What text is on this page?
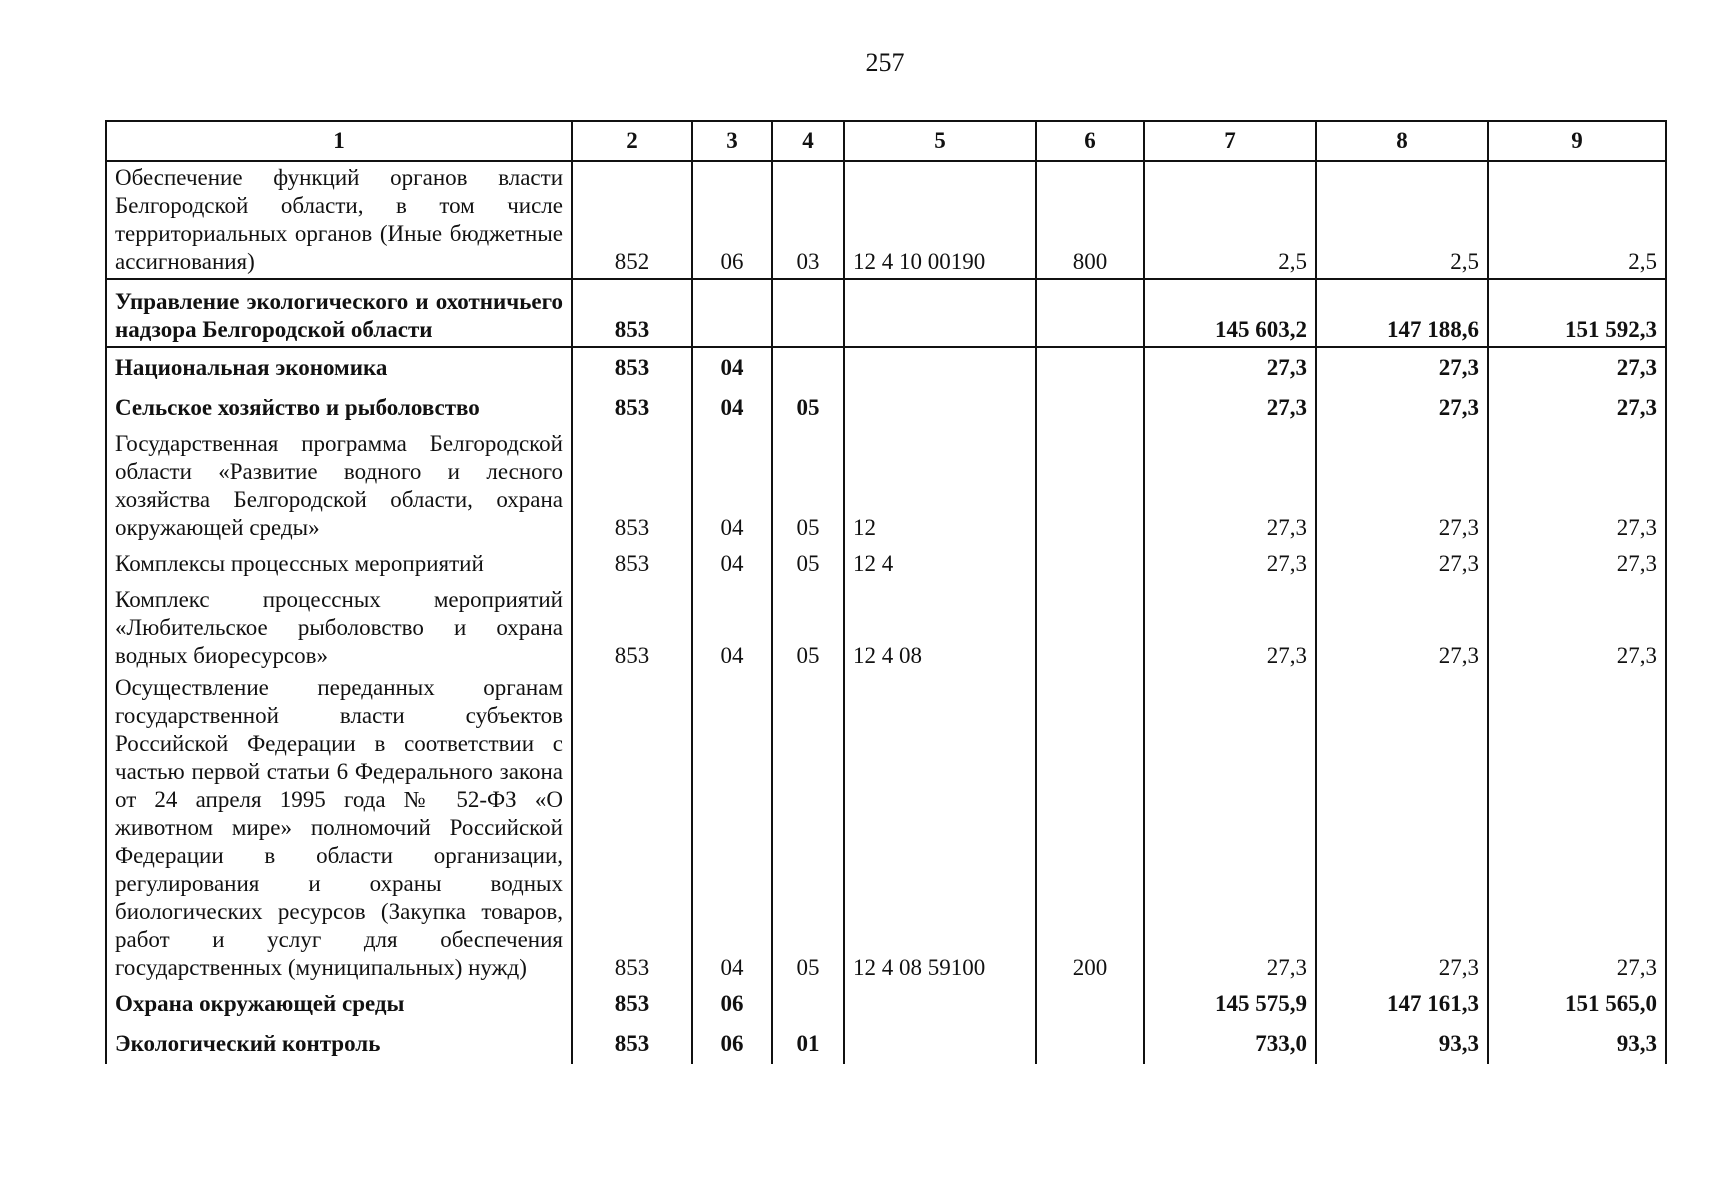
257
1	2	3	4	5	6	7	8	9
Обеспечение функций органов власти Белгородской области, в том числе территориальных органов (Иные бюджетные ассигнования)	852	06	03	12 4 10 00190	800	2,5	2,5	2,5
Управление экологического и охотничьего надзора Белгородской области	853					145 603,2	147 188,6	151 592,3
Национальная экономика	853	04				27,3	27,3	27,3
Сельское хозяйство и рыболовство	853	04	05			27,3	27,3	27,3
Государственная программа Белгородской области «Развитие водного и лесного хозяйства Белгородской области, охрана окружающей среды»	853	04	05	12		27,3	27,3	27,3
Комплексы процессных мероприятий	853	04	05	12 4		27,3	27,3	27,3
Комплекс процессных мероприятий «Любительское рыболовство и охрана водных биоресурсов»	853	04	05	12 4 08		27,3	27,3	27,3
Осуществление переданных органам государственной власти субъектов Российской Федерации в соответствии с частью первой статьи 6 Федерального закона от 24 апреля 1995 года № 52-ФЗ «О животном мире» полномочий Российской Федерации в области организации, регулирования и охраны водных биологических ресурсов (Закупка товаров, работ и услуг для обеспечения государственных (муниципальных) нужд)	853	04	05	12 4 08 59100	200	27,3	27,3	27,3
Охрана окружающей среды	853	06				145 575,9	147 161,3	151 565,0
Экологический контроль	853	06	01			733,0	93,3	93,3
